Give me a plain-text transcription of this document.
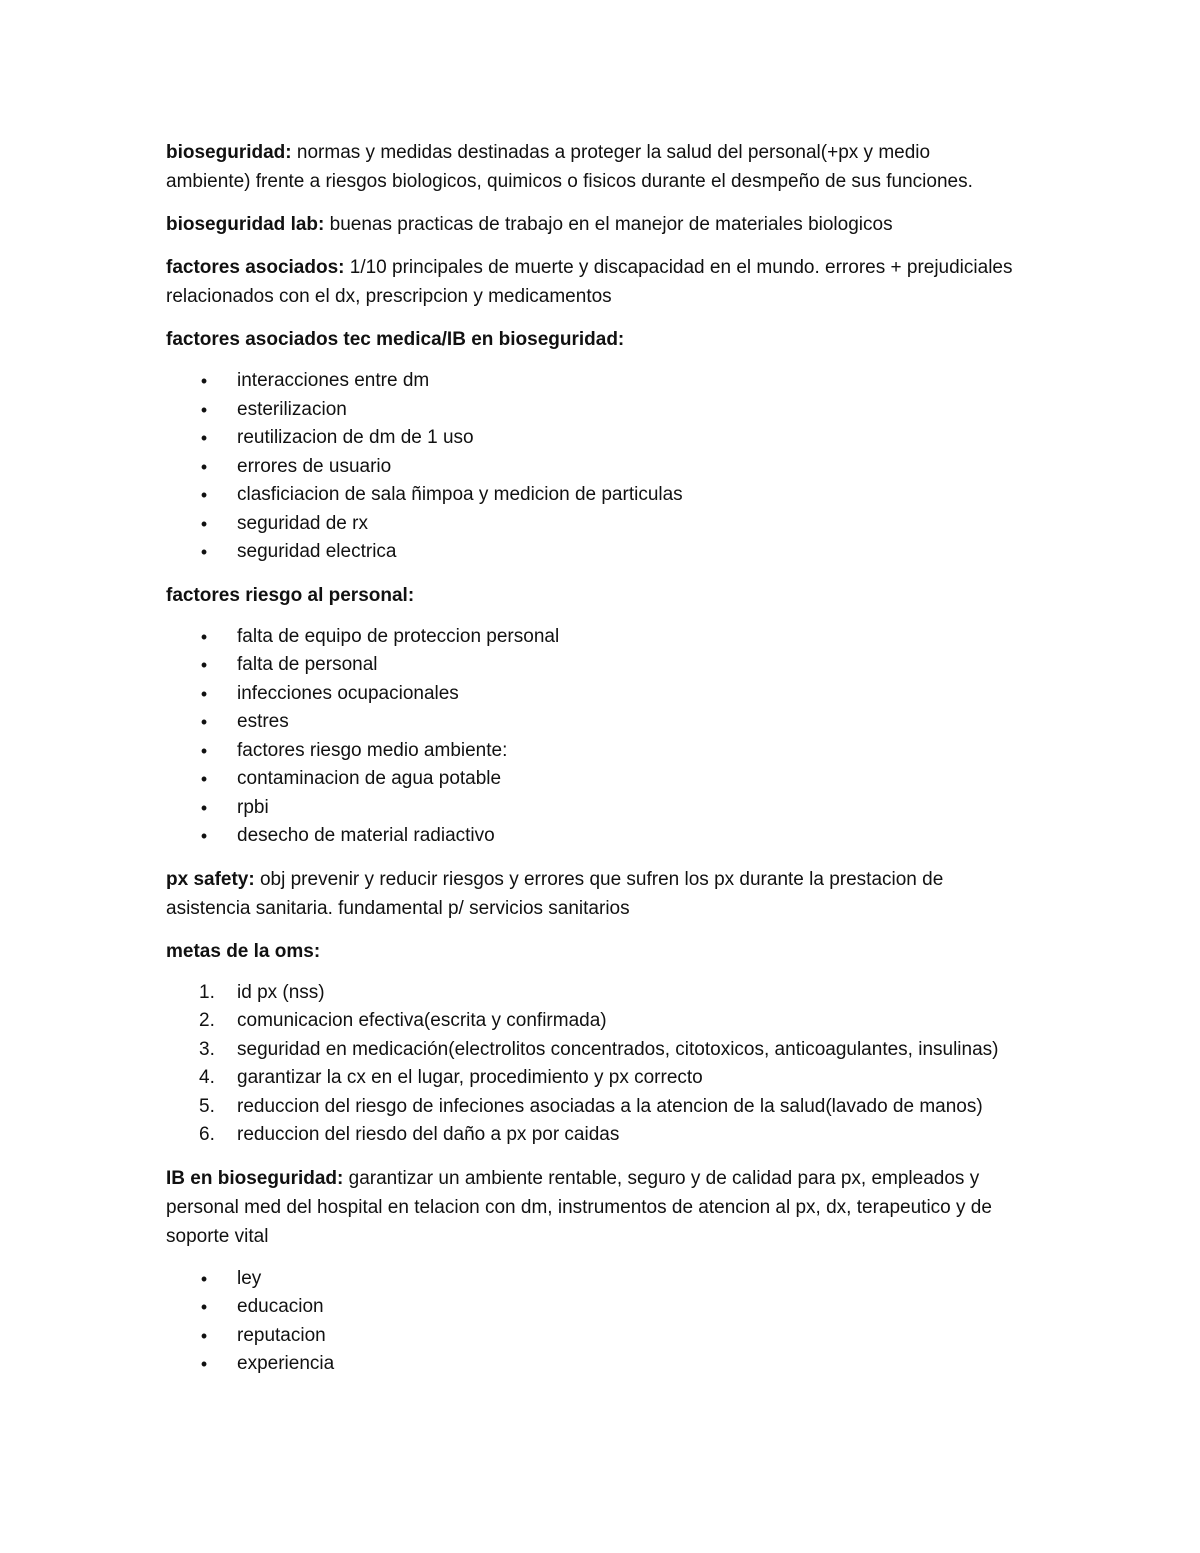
bioseguridad: normas y medidas destinadas a proteger la salud del personal(+px y medio
ambiente) frente a riesgos biologicos, quimicos o fisicos durante el desmpeño de sus funciones.

bioseguridad lab: buenas practicas de trabajo en el manejor de materiales biologicos

factores asociados: 1/10 principales de muerte y discapacidad en el mundo. errores + prejudiciales
relacionados con el dx, prescripcion y medicamentos

factores asociados tec medica/IB en bioseguridad:

• interacciones entre dm
• esterilizacion
• reutilizacion de dm de 1 uso
• errores de usuario
• clasficiacion de sala ñimpoa y medicion de particulas
• seguridad de rx
• seguridad electrica

factores riesgo al personal:

• falta de equipo de proteccion personal
• falta de personal
• infecciones ocupacionales
• estres
• factores riesgo medio ambiente:
• contaminacion de agua potable
• rpbi
• desecho de material radiactivo

px safety: obj prevenir y reducir riesgos y errores que sufren los px durante la prestacion de
asistencia sanitaria. fundamental p/ servicios sanitarios

metas de la oms:

1. id px (nss)
2. comunicacion efectiva(escrita y confirmada)
3. seguridad en medicación(electrolitos concentrados, citotoxicos, anticoagulantes, insulinas)
4. garantizar la cx en el lugar, procedimiento y px correcto
5. reduccion del riesgo de infeciones asociadas a la atencion de la salud(lavado de manos)
6. reduccion del riesdo del daño a px por caidas

IB en bioseguridad: garantizar un ambiente rentable, seguro y de calidad para px, empleados y
personal med del hospital en telacion con dm, instrumentos de atencion al px, dx, terapeutico y de
soporte vital

• ley
• educacion
• reputacion
• experiencia
